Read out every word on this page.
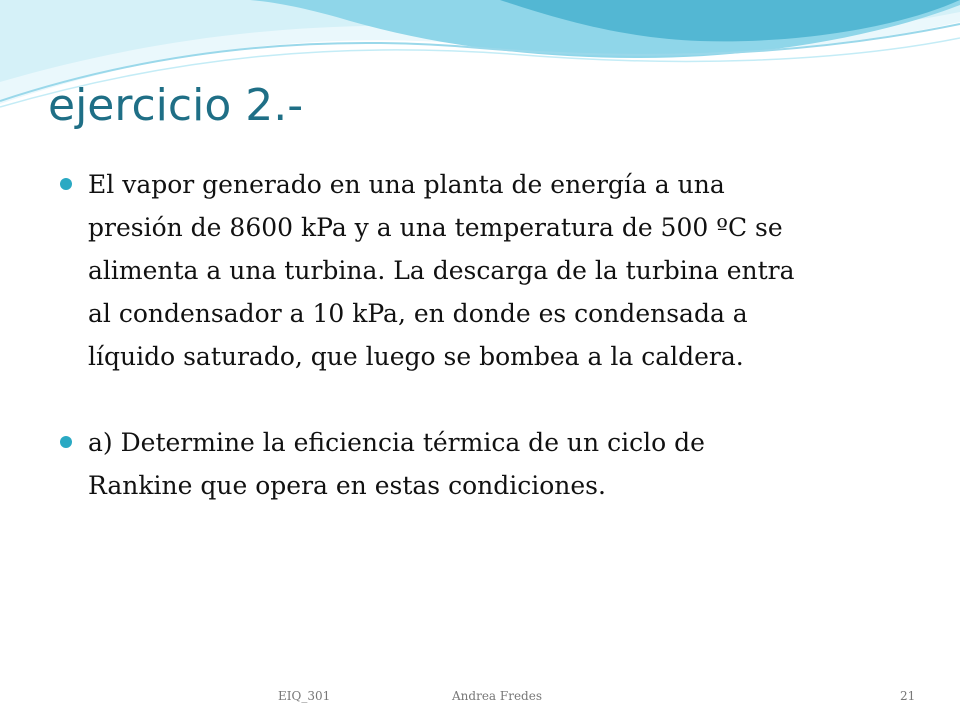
ejercicio 2.-
El vapor generado en una planta de energía a una
presión de 8600 kPa y a una temperatura de 500 ºC se
alimenta a una turbina. La descarga de la turbina entra
al condensador a 10 kPa, en donde es condensada a
líquido saturado, que luego se bombea a la caldera.
a) Determine la eficiencia térmica de un ciclo de
Rankine que opera en estas condiciones.
EIQ_301	Andrea Fredes	21
